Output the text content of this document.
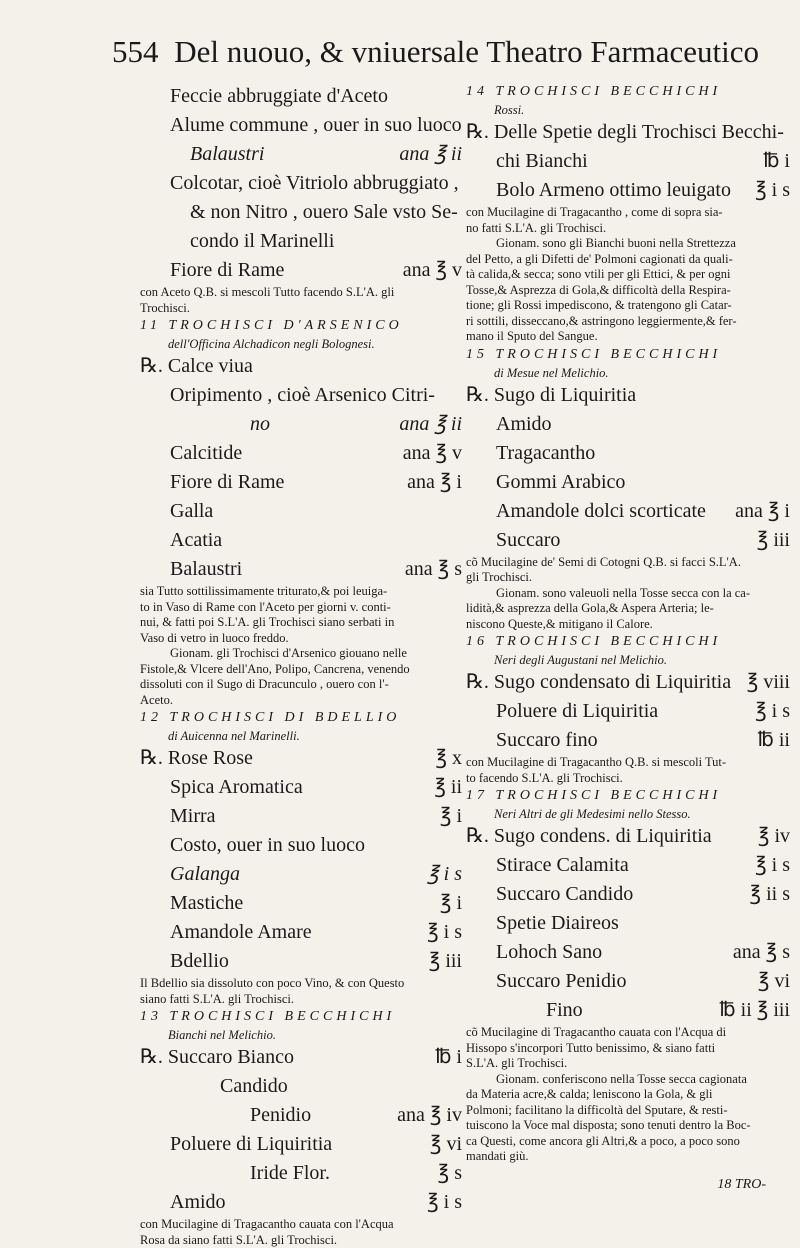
554 Del nuouo, & vniuersale Theatro Farmaceutico
Feccie abbruggiate d'Aceto
Alume commune , ouer in suo luoco
Balaustri	ana ℥ ii
Colcotar, cioè Vitriolo abbruggiato ,
& non Nitro , ouero Sale vsto Se-
condo il Marinelli
Fiore di Rame	ana ℥ v
con Aceto Q.B. si mescoli Tutto facendo S.L'A. gli
Trochisci.
11 TROCHISCI D'ARSENICO
dell'Officina Alchadicon negli Bolognesi.
℞. Calce viua
Oripimento , cioè Arsenico Citri-
no	ana ℥ ii
Calcitide	ana ℥ v
Fiore di Rame	ana ℥ i
Galla
Acatia
Balaustri	ana ℥ s
sia Tutto sottilissimamente triturato,& poi leuiga-
to in Vaso di Rame con l'Aceto per giorni v. conti-
nui, & fatti poi S.L'A. gli Trochisci siano serbati in
Vaso di vetro in luoco freddo.
Gionam. gli Trochisci d'Arsenico giouano nelle
Fistole,& Vlcere dell'Ano, Polipo, Cancrena, venendo
dissoluti con il Sugo di Dracunculo , ouero con l'-
Aceto.
12 TROCHISCI DI BDELLIO
di Auicenna nel Marinelli.
℞. Rose Rose	℥ x
Spica Aromatica	℥ ii
Mirra	℥ i
Costo, ouer in suo luoco
Galanga	℥ i s
Mastiche	℥ i
Amandole Amare	℥ i s
Bdellio	℥ iii
Il Bdellio sia dissoluto con poco Vino, & con Questo
siano fatti S.L'A. gli Trochisci.
13 TROCHISCI BECCHICHI
Bianchi nel Melichio.
℞. Succaro Bianco	℔ i
Candido
Penidio	ana ℥ iv
Poluere di Liquiritia	℥ vi
Iride Flor.	℥ s
Amido	℥ i s
con Mucilagine di Tragacantho cauata con l'Acqua
Rosa da siano fatti S.L'A. gli Trochisci.
14 TROCHISCI BECCHICHI
Rossi.
℞. Delle Spetie degli Trochisci Becchi-
chi Bianchi	℔ i
Bolo Armeno ottimo leuigato ℥ i s
con Mucilagine di Tragacantho , come di sopra sia-
no fatti S.L'A. gli Trochisci.
Gionam. sono gli Bianchi buoni nella Strettezza
del Petto, a gli Difetti de' Polmoni cagionati da quali-
tà calida,& secca; sono vtili per gli Ettici, & per ogni
Tosse,& Asprezza di Gola,& difficoltà della Respira-
tione; gli Rossi impediscono, & tratengono gli Catar-
ri sottili, disseccano,& astringono leggiermente,& fer-
mano il Sputo del Sangue.
15 TROCHISCI BECCHICHI
di Mesue nel Melichio.
℞. Sugo di Liquiritia
Amido
Tragacantho
Gommi Arabico
Amandole dolci scorticate ana ℥ i
Succaro	℥ iii
cõ Mucilagine de' Semi di Cotogni Q.B. si facci S.L'A.
gli Trochisci.
Gionam. sono valeuoli nella Tosse secca con la ca-
lidità,& asprezza della Gola,& Aspera Arteria; le-
niscono Queste,& mitigano il Calore.
16 TROCHISCI BECCHICHI
Neri degli Augustani nel Melichio.
℞. Sugo condensato di Liquiritia ℥ viii
Poluere di Liquiritia	℥ i s
Succaro fino	℔ ii
con Mucilagine di Tragacantho Q.B. si mescoli Tut-
to facendo S.L'A. gli Trochisci.
17 TROCHISCI BECCHICHI
Neri Altri de gli Medesimi nello Stesso.
℞. Sugo condens. di Liquiritia ℥ iv
Stirace Calamita	℥ i s
Succaro Candido	℥ ii s
Spetie Diaireos
Lohoch Sano	ana ℥ s
Succaro Penidio	℥ vi
Fino	℔ ii ℥ iii
cõ Mucilagine di Tragacantho cauata con l'Acqua di
Hissopo s'incorpori Tutto benissimo, & siano fatti
S.L'A. gli Trochisci.
Gionam. conferiscono nella Tosse secca cagionata
da Materia acre,& calda; leniscono la Gola, & gli
Polmoni; facilitano la difficoltà del Sputare, & resti-
tuiscono la Voce mal disposta; sono tenuti dentro la Boc-
ca Questi, come ancora gli Altri,& a poco, a poco sono
mandati giù.
18 TRO-
